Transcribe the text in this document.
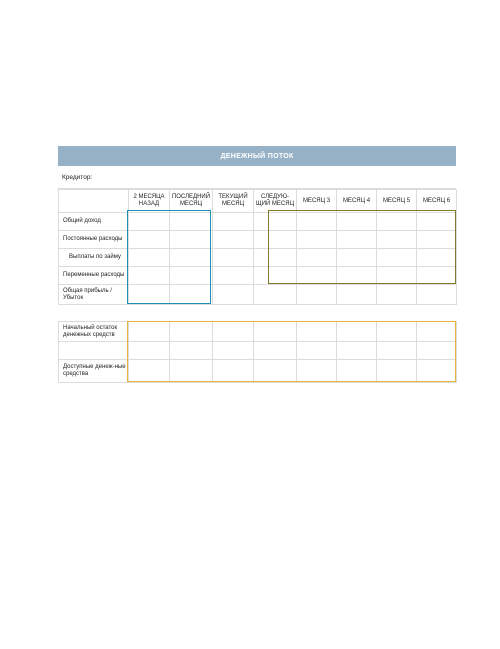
ДЕНЕЖНЫЙ ПОТОК
Кредитор:
	2 МЕСЯЦА НАЗАД	ПОСЛЕДНИЙ МЕСЯЦ	ТЕКУЩИЙ МЕСЯЦ	СЛЕДУЮ-ЩИЙ МЕСЯЦ	МЕСЯЦ 3	МЕСЯЦ 4	МЕСЯЦ 5	МЕСЯЦ 6
Общий доход								
Постоянные расходы								
Выплаты по займу								
Переменные расходы								
Общая прибыль / Убыток								

Начальный остаток денежных средств								

Доступные денеж-ные средства								
